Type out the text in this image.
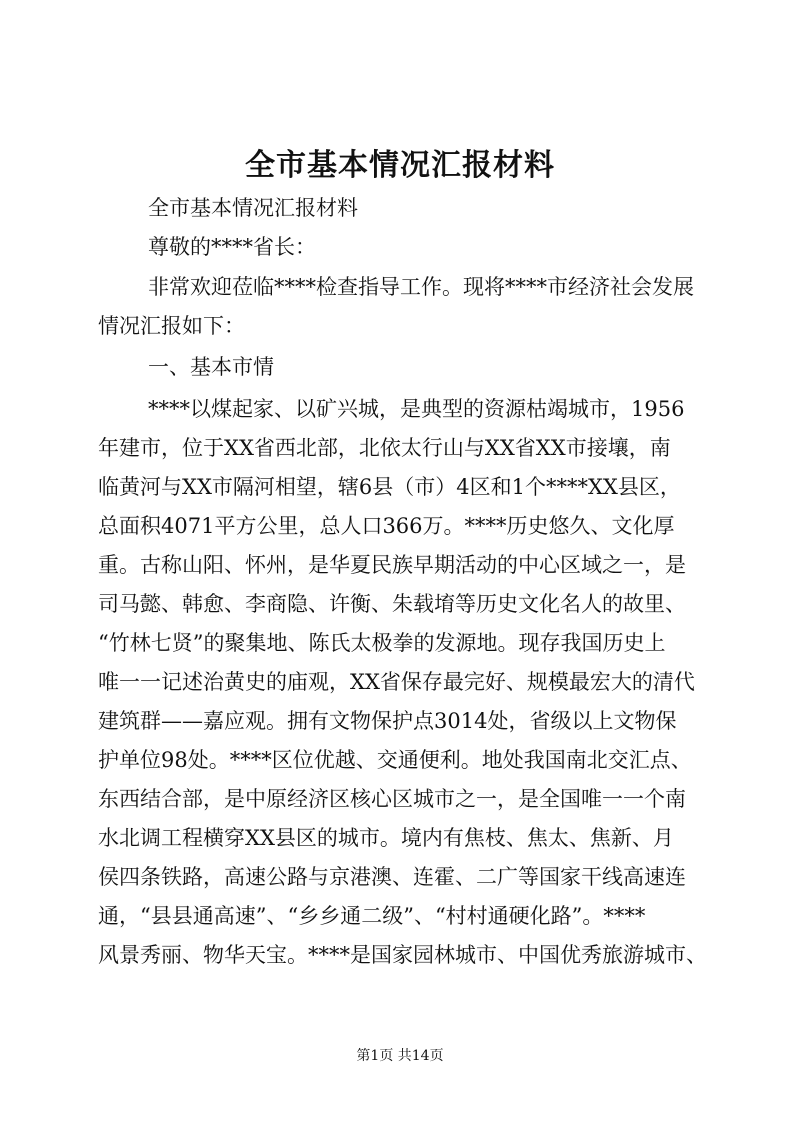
全市基本情况汇报材料
全市基本情况汇报材料
尊敬的****省长：
非常欢迎莅临****检查指导工作。现将****市经济社会发展
情况汇报如下：
一、基本市情
****以煤起家、以矿兴城，是典型的资源枯竭城市，1956
年建市，位于XX省西北部，北依太行山与XX省XX市接壤，南
临黄河与XX市隔河相望，辖6县（市）4区和1个****XX县区，
总面积4071平方公里，总人口366万。****历史悠久、文化厚
重。古称山阳、怀州，是华夏民族早期活动的中心区域之一，是
司马懿、韩愈、李商隐、许衡、朱载堉等历史文化名人的故里、
“竹林七贤”的聚集地、陈氏太极拳的发源地。现存我国历史上
唯一一记述治黄史的庙观，XX省保存最完好、规模最宏大的清代
建筑群——嘉应观。拥有文物保护点3014处，省级以上文物保
护单位98处。****区位优越、交通便利。地处我国南北交汇点、
东西结合部，是中原经济区核心区城市之一，是全国唯一一个南
水北调工程横穿XX县区的城市。境内有焦枝、焦太、焦新、月
侯四条铁路，高速公路与京港澳、连霍、二广等国家干线高速连
通，“县县通高速”、“乡乡通二级”、“村村通硬化路”。****
风景秀丽、物华天宝。****是国家园林城市、中国优秀旅游城市、
第1页 共14页
